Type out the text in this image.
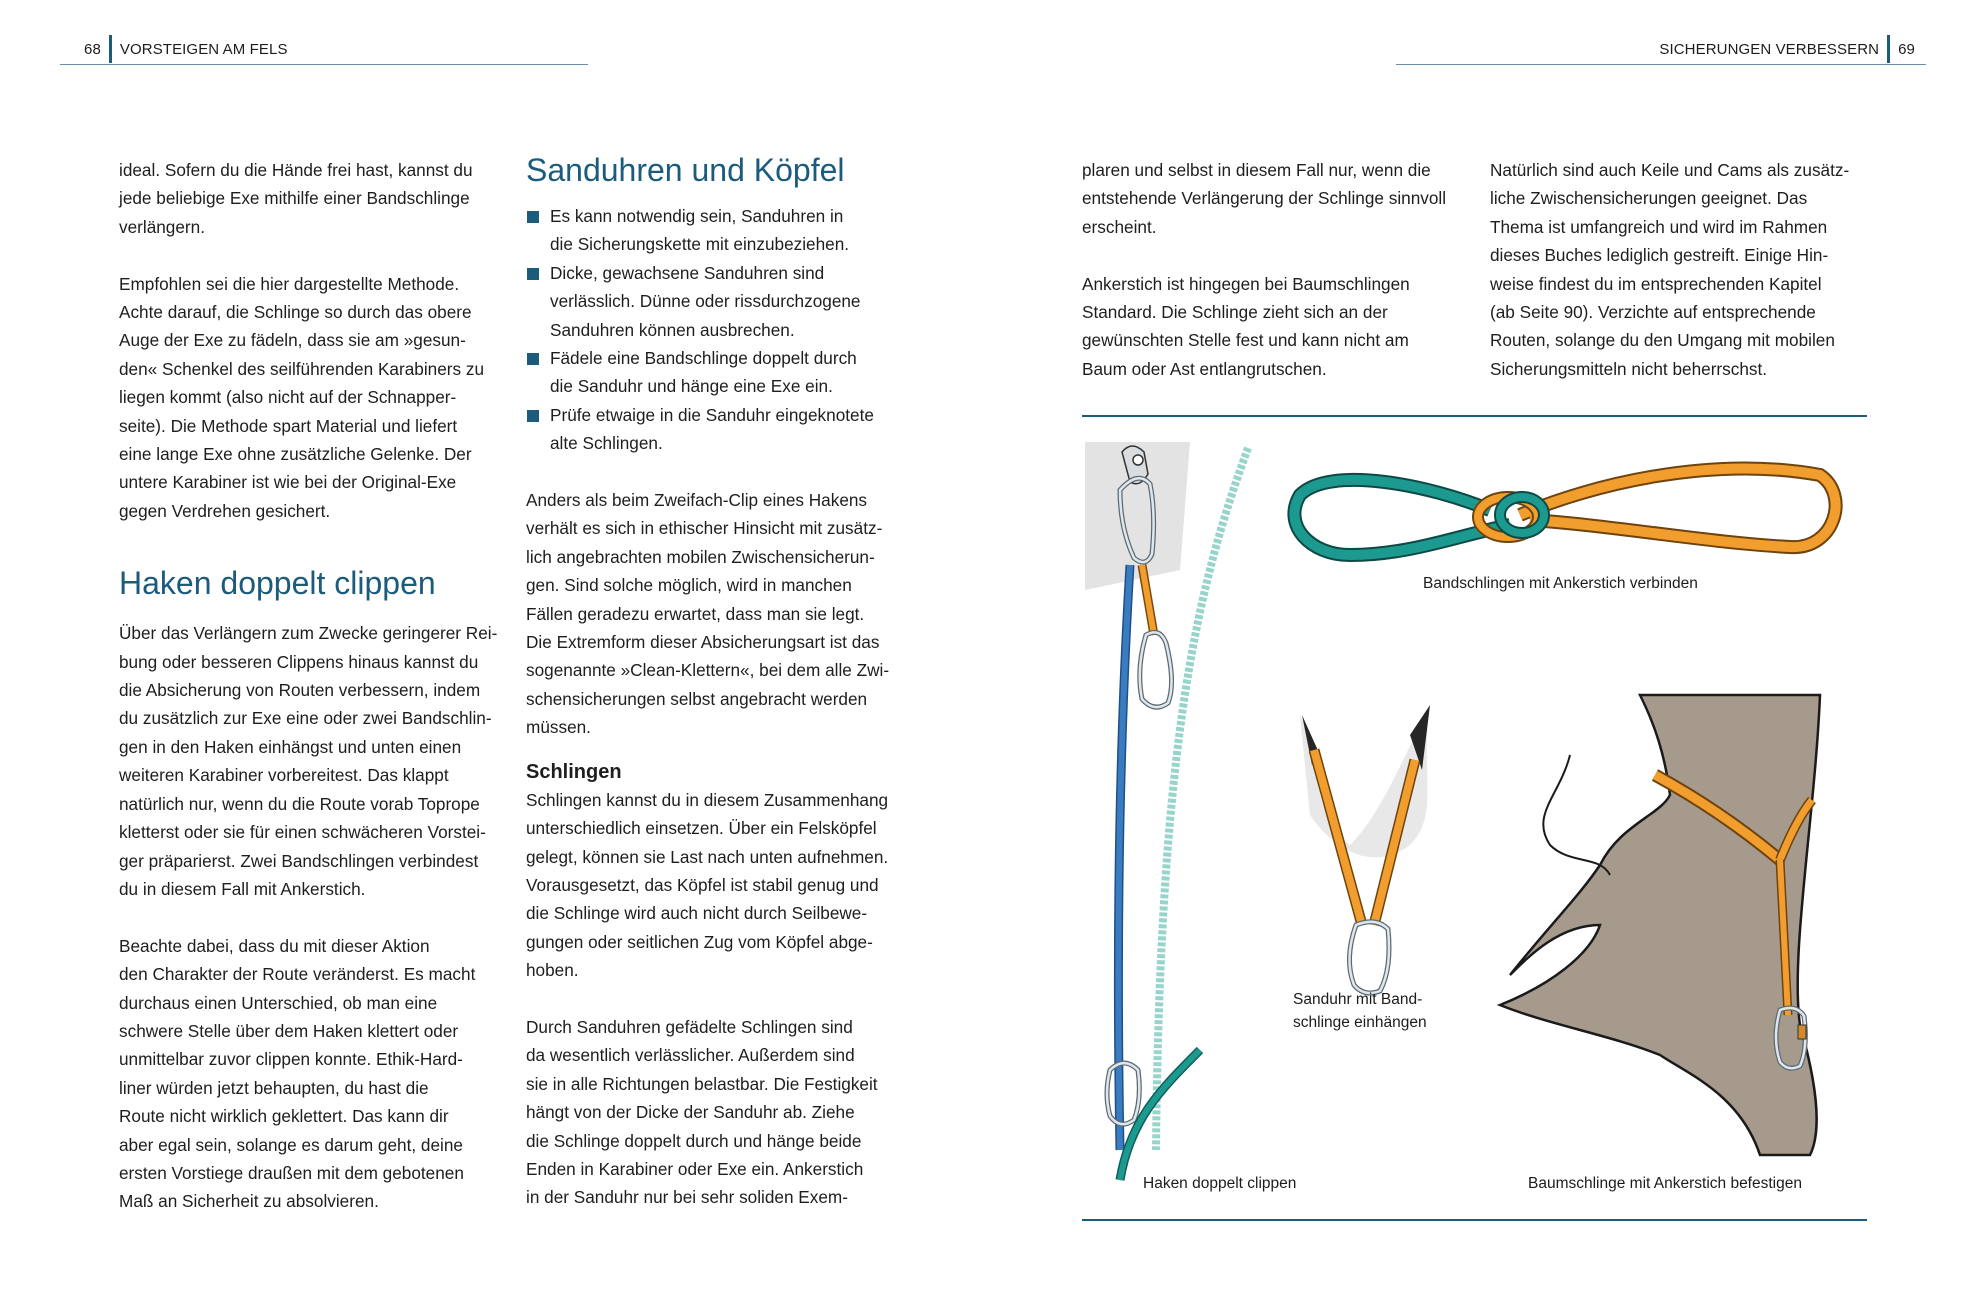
68 VORSTEIGEN AM FELS	SICHERUNGEN VERBESSERN 69

ideal. Sofern du die Hände frei hast, kannst du
jede beliebige Exe mithilfe einer Bandschlinge
verlängern.

Empfohlen sei die hier dargestellte Methode.
Achte darauf, die Schlinge so durch das obere
Auge der Exe zu fädeln, dass sie am »gesun-
den« Schenkel des seilführenden Karabiners zu
liegen kommt (also nicht auf der Schnapper-
seite). Die Methode spart Material und liefert
eine lange Exe ohne zusätzliche Gelenke. Der
untere Karabiner ist wie bei der Original-Exe
gegen Verdrehen gesichert.

Haken doppelt clippen

Über das Verlängern zum Zwecke geringerer Rei-
bung oder besseren Clippens hinaus kannst du
die Absicherung von Routen verbessern, indem
du zusätzlich zur Exe eine oder zwei Bandschlin-
gen in den Haken einhängst und unten einen
weiteren Karabiner vorbereitest. Das klappt
natürlich nur, wenn du die Route vorab Toprope
kletterst oder sie für einen schwächeren Vorstei-
ger präparierst. Zwei Bandschlingen verbindest
du in diesem Fall mit Ankerstich.

Beachte dabei, dass du mit dieser Aktion
den Charakter der Route veränderst. Es macht
durchaus einen Unterschied, ob man eine
schwere Stelle über dem Haken klettert oder
unmittelbar zuvor clippen konnte. Ethik-Hard-
liner würden jetzt behaupten, du hast die
Route nicht wirklich geklettert. Das kann dir
aber egal sein, solange es darum geht, deine
ersten Vorstiege draußen mit dem gebotenen
Maß an Sicherheit zu absolvieren.

Sanduhren und Köpfel
Es kann notwendig sein, Sanduhren in
die Sicherungskette mit einzubeziehen.
Dicke, gewachsene Sanduhren sind
verlässlich. Dünne oder rissdurchzogene
Sanduhren können ausbrechen.
Fädele eine Bandschlinge doppelt durch
die Sanduhr und hänge eine Exe ein.
Prüfe etwaige in die Sanduhr eingeknotete
alte Schlingen.

Anders als beim Zweifach-Clip eines Hakens
verhält es sich in ethischer Hinsicht mit zusätz-
lich angebrachten mobilen Zwischensicherun-
gen. Sind solche möglich, wird in manchen
Fällen geradezu erwartet, dass man sie legt.
Die Extremform dieser Absicherungsart ist das
sogenannte »Clean-Klettern«, bei dem alle Zwi-
schensicherungen selbst angebracht werden
müssen.

Schlingen

Schlingen kannst du in diesem Zusammenhang
unterschiedlich einsetzen. Über ein Felsköpfel
gelegt, können sie Last nach unten aufnehmen.
Vorausgesetzt, das Köpfel ist stabil genug und
die Schlinge wird auch nicht durch Seilbewe-
gungen oder seitlichen Zug vom Köpfel abge-
hoben.

Durch Sanduhren gefädelte Schlingen sind
da wesentlich verlässlicher. Außerdem sind
sie in alle Richtungen belastbar. Die Festigkeit
hängt von der Dicke der Sanduhr ab. Ziehe
die Schlinge doppelt durch und hänge beide
Enden in Karabiner oder Exe ein. Ankerstich
in der Sanduhr nur bei sehr soliden Exem-

plaren und selbst in diesem Fall nur, wenn die
entstehende Verlängerung der Schlinge sinnvoll
erscheint.

Ankerstich ist hingegen bei Baumschlingen
Standard. Die Schlinge zieht sich an der
gewünschten Stelle fest und kann nicht am
Baum oder Ast entlangrutschen.

Natürlich sind auch Keile und Cams als zusätz-
liche Zwischensicherungen geeignet. Das
Thema ist umfangreich und wird im Rahmen
dieses Buches lediglich gestreift. Einige Hin-
weise findest du im entsprechenden Kapitel
(ab Seite 90). Verzichte auf entsprechende
Routen, solange du den Umgang mit mobilen
Sicherungsmitteln nicht beherrschst.

Haken doppelt clippen
Bandschlingen mit Ankerstich verbinden
Sanduhr mit Band-
schlinge einhängen
Baumschlinge mit Ankerstich befestigen
